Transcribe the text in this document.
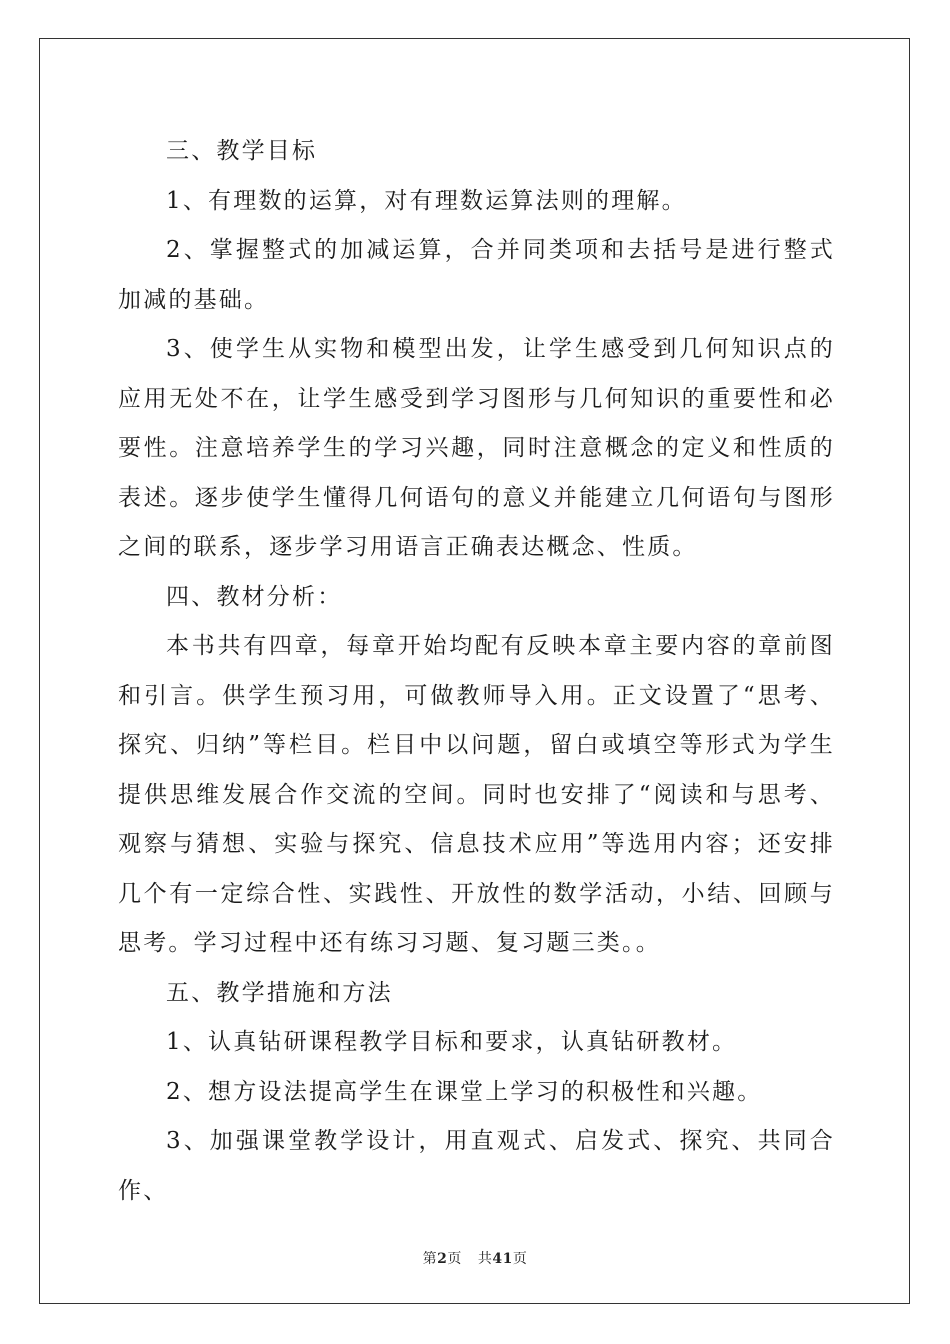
三、教学目标

1、有理数的运算，对有理数运算法则的理解。

2、掌握整式的加减运算，合并同类项和去括号是进行整式加减的基础。

3、使学生从实物和模型出发，让学生感受到几何知识点的应用无处不在，让学生感受到学习图形与几何知识的重要性和必要性。注意培养学生的学习兴趣，同时注意概念的定义和性质的表述。逐步使学生懂得几何语句的意义并能建立几何语句与图形之间的联系，逐步学习用语言正确表达概念、性质。

四、教材分析：

本书共有四章，每章开始均配有反映本章主要内容的章前图和引言。供学生预习用，可做教师导入用。正文设置了“思考、探究、归纳”等栏目。栏目中以问题，留白或填空等形式为学生提供思维发展合作交流的空间。同时也安排了“阅读和与思考、观察与猜想、实验与探究、信息技术应用”等选用内容；还安排几个有一定综合性、实践性、开放性的数学活动，小结、回顾与思考。学习过程中还有练习习题、复习题三类。。

五、教学措施和方法

1、认真钻研课程教学目标和要求，认真钻研教材。

2、想方设法提高学生在课堂上学习的积极性和兴趣。

3、加强课堂教学设计，用直观式、启发式、探究、共同合作、

第2页 共41页
